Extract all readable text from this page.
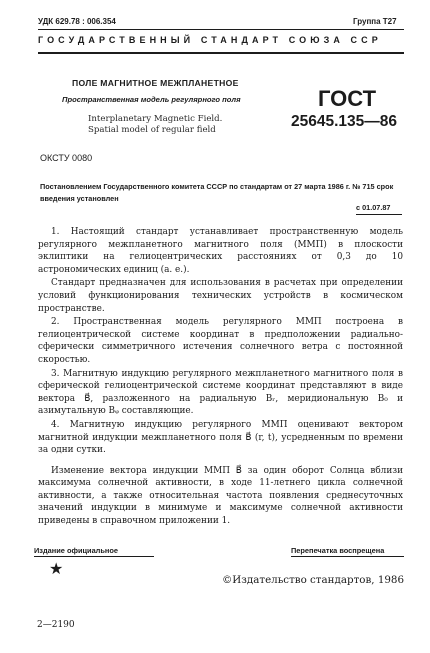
УДК 629.78 : 006.354	Группа Т27
ГОСУДАРСТВЕННЫЙ СТАНДАРТ СОЮЗА ССР
ПОЛЕ МАГНИТНОЕ МЕЖПЛАНЕТНОЕ
Пространственная модель регулярного поля
Interplanetary Magnetic Field.
Spatial model of regular field
ГОСТ
25645.135—86
ОКСТУ 0080
Постановлением Государственного комитета СССР по стандартам от 27 марта 1986 г. № 715 срок введения установлен
с 01.07.87

1. Настоящий стандарт устанавливает пространственную модель регулярного межпланетного магнитного поля (ММП) в плоскости эклиптики на гелиоцентрических расстояниях от 0,3 до 10 астрономических единиц (а. е.).

Стандарт предназначен для использования в расчетах при определении условий функционирования технических устройств в космическом пространстве.

2. Пространственная модель регулярного ММП построена в гелиоцентрической системе координат в предположении радиально-сферически симметричного истечения солнечного ветра с постоянной скоростью.

3. Магнитную индукцию регулярного межпланетного магнитного поля в сферической гелиоцентрической системе координат представляют в виде вектора B⃗, разложенного на радиальную Bᵣ, меридиональную B₀ и азимутальную Bᵩ составляющие.

4. Магнитную индукцию регулярного ММП оценивают вектором магнитной индукции межпланетного поля B⃗ (r, t), усредненным по времени за одни сутки.

Изменение вектора индукции ММП B⃗ за один оборот Солнца вблизи максимума солнечной активности, в ходе 11-летнего цикла солнечной активности, а также относительная частота появления среднесуточных значений индукции в минимуме и максимуме солнечной активности приведены в справочном приложении 1.

Издание официальное	Перепечатка воспрещена
★
©Издательство стандартов, 1986
2—2190
